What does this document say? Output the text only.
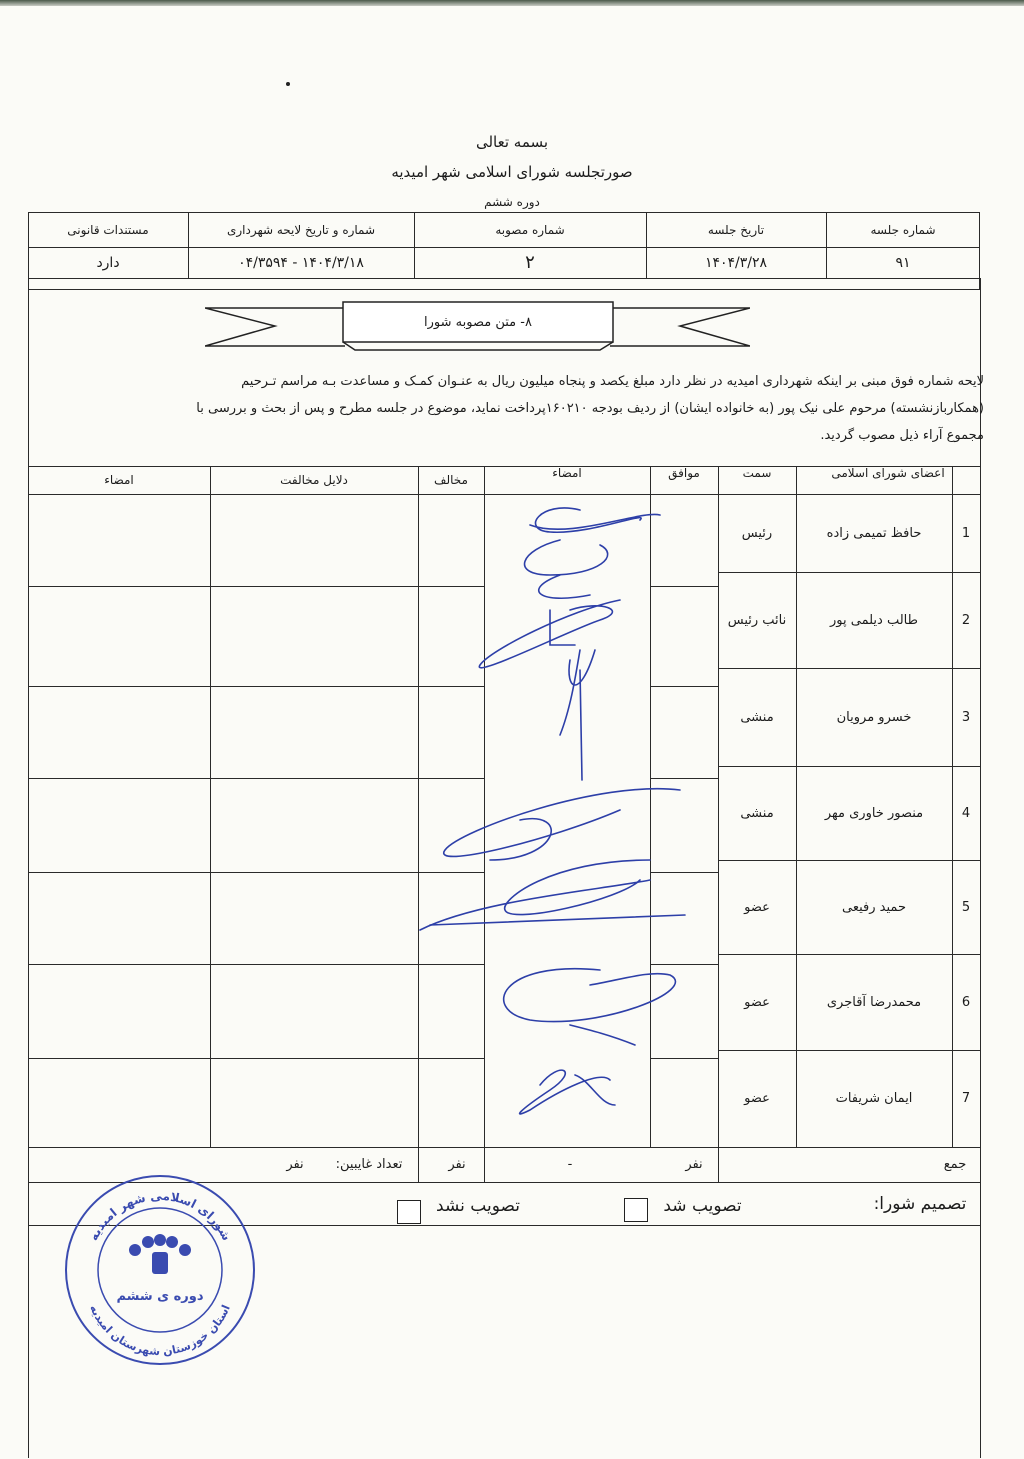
بسمه تعالی
صورتجلسه شورای اسلامی شهر امیدیه
دوره ششم
شماره جلسه
تاریخ جلسه
شماره مصوبه
شماره و تاریخ لایحه شهرداری
مستندات قانونی
۹۱
۱۴۰۴/۳/۲۸
۲
۱۴۰۴/۳/۱۸ - ۰۴/۳۵۹۴
دارد
۸- متن مصوبه شورا
لایحه شماره فوق مبنی بر اینکه شهرداری امیدیه در نظر دارد مبلغ یکصد و پنجاه میلیون ریال به عنـوان کمـک و مساعدت بـه مراسم تـرحیم
(همکاربازنشسته) مرحوم علی نیک پور (به خانواده ایشان) از ردیف بودجه ۱۶۰۲۱۰پرداخت نماید، موضوع در جلسه مطرح و پس از بحث و بررسی با
مجموع آراء ذیل مصوب گردید.
اعضای شورای اسلامی
سمت
موافق
امضاء
مخالف
دلایل مخالفت
امضاء
1
حافظ تمیمی زاده
رئیس
2
طالب دیلمی پور
نائب رئیس
3
خسرو مرویان
منشی
4
منصور خاوری مهر
منشی
5
حمید رفیعی
عضو
6
محمدرضا آقاجری
عضو
7
ایمان شریفات
عضو
جمع
نفر
-
نفر
تعداد غایبین:
نفر
تصمیم شورا:
تصویب شد
تصویب نشد
شورای اسلامی شهر امیدیه
استان خوزستان شهرستان امیدیه
دوره ی ششم
